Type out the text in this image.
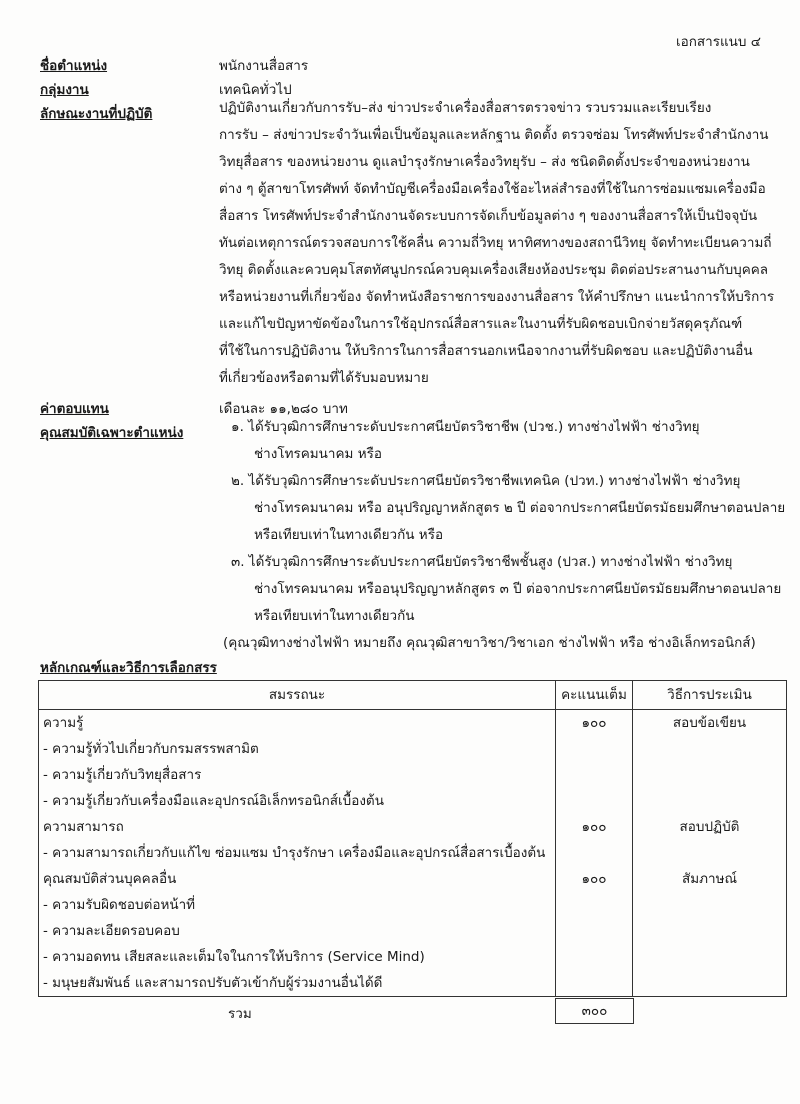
เอกสารแนบ ๔
ชื่อตำแหน่ง	พนักงานสื่อสาร
กลุ่มงาน	เทคนิคทั่วไป
ลักษณะงานที่ปฏิบัติ	ปฏิบัติงานเกี่ยวกับการรับ–ส่ง ข่าวประจำเครื่องสื่อสารตรวจข่าว รวบรวมและเรียบเรียง
การรับ – ส่งข่าวประจำวันเพื่อเป็นข้อมูลและหลักฐาน ติดตั้ง ตรวจซ่อม โทรศัพท์ประจำสำนักงาน
วิทยุสื่อสาร ของหน่วยงาน ดูแลบำรุงรักษาเครื่องวิทยุรับ – ส่ง ชนิดติดตั้งประจำของหน่วยงาน
ต่าง ๆ ตู้สาขาโทรศัพท์ จัดทำบัญชีเครื่องมือเครื่องใช้อะไหล่สำรองที่ใช้ในการซ่อมแซมเครื่องมือ
สื่อสาร โทรศัพท์ประจำสำนักงานจัดระบบการจัดเก็บข้อมูลต่าง ๆ ของงานสื่อสารให้เป็นปัจจุบัน
ทันต่อเหตุการณ์ตรวจสอบการใช้คลื่น ความถี่วิทยุ หาทิศทางของสถานีวิทยุ จัดทำทะเบียนความถี่
วิทยุ ติดตั้งและควบคุมโสตทัศนูปกรณ์ควบคุมเครื่องเสียงห้องประชุม ติดต่อประสานงานกับบุคคล
หรือหน่วยงานที่เกี่ยวข้อง จัดทำหนังสือราชการของงานสื่อสาร ให้คำปรึกษา แนะนำการให้บริการ
และแก้ไขปัญหาขัดข้องในการใช้อุปกรณ์สื่อสารและในงานที่รับผิดชอบเบิกจ่ายวัสดุครุภัณฑ์
ที่ใช้ในการปฏิบัติงาน ให้บริการในการสื่อสารนอกเหนือจากงานที่รับผิดชอบ และปฏิบัติงานอื่น
ที่เกี่ยวข้องหรือตามที่ได้รับมอบหมาย
ค่าตอบแทน	เดือนละ ๑๑,๒๘๐ บาท
คุณสมบัติเฉพาะตำแหน่ง	๑. ได้รับวุฒิการศึกษาระดับประกาศนียบัตรวิชาชีพ (ปวช.) ทางช่างไฟฟ้า ช่างวิทยุ
ช่างโทรคมนาคม หรือ
๒. ได้รับวุฒิการศึกษาระดับประกาศนียบัตรวิชาชีพเทคนิค (ปวท.) ทางช่างไฟฟ้า ช่างวิทยุ
ช่างโทรคมนาคม หรือ อนุปริญญาหลักสูตร ๒ ปี ต่อจากประกาศนียบัตรมัธยมศึกษาตอนปลาย
หรือเทียบเท่าในทางเดียวกัน หรือ
๓. ได้รับวุฒิการศึกษาระดับประกาศนียบัตรวิชาชีพชั้นสูง (ปวส.) ทางช่างไฟฟ้า ช่างวิทยุ
ช่างโทรคมนาคม หรืออนุปริญญาหลักสูตร ๓ ปี ต่อจากประกาศนียบัตรมัธยมศึกษาตอนปลาย
หรือเทียบเท่าในทางเดียวกัน
(คุณวุฒิทางช่างไฟฟ้า หมายถึง คุณวุฒิสาขาวิชา/วิชาเอก ช่างไฟฟ้า หรือ ช่างอิเล็กทรอนิกส์)
หลักเกณฑ์และวิธีการเลือกสรร
สมรรถนะ	คะแนนเต็ม	วิธีการประเมิน
ความรู้	๑๐๐	สอบข้อเขียน
- ความรู้ทั่วไปเกี่ยวกับกรมสรรพสามิต		
- ความรู้เกี่ยวกับวิทยุสื่อสาร		
- ความรู้เกี่ยวกับเครื่องมือและอุปกรณ์อิเล็กทรอนิกส์เบื้องต้น		
ความสามารถ	๑๐๐	สอบปฏิบัติ
- ความสามารถเกี่ยวกับแก้ไข ซ่อมแซม บำรุงรักษา เครื่องมือและอุปกรณ์สื่อสารเบื้องต้น		
คุณสมบัติส่วนบุคคลอื่น	๑๐๐	สัมภาษณ์
- ความรับผิดชอบต่อหน้าที่		
- ความละเอียดรอบคอบ		
- ความอดทน เสียสละและเต็มใจในการให้บริการ (Service Mind)		
- มนุษยสัมพันธ์ และสามารถปรับตัวเข้ากับผู้ร่วมงานอื่นได้ดี		
รวม	๓๐๐
